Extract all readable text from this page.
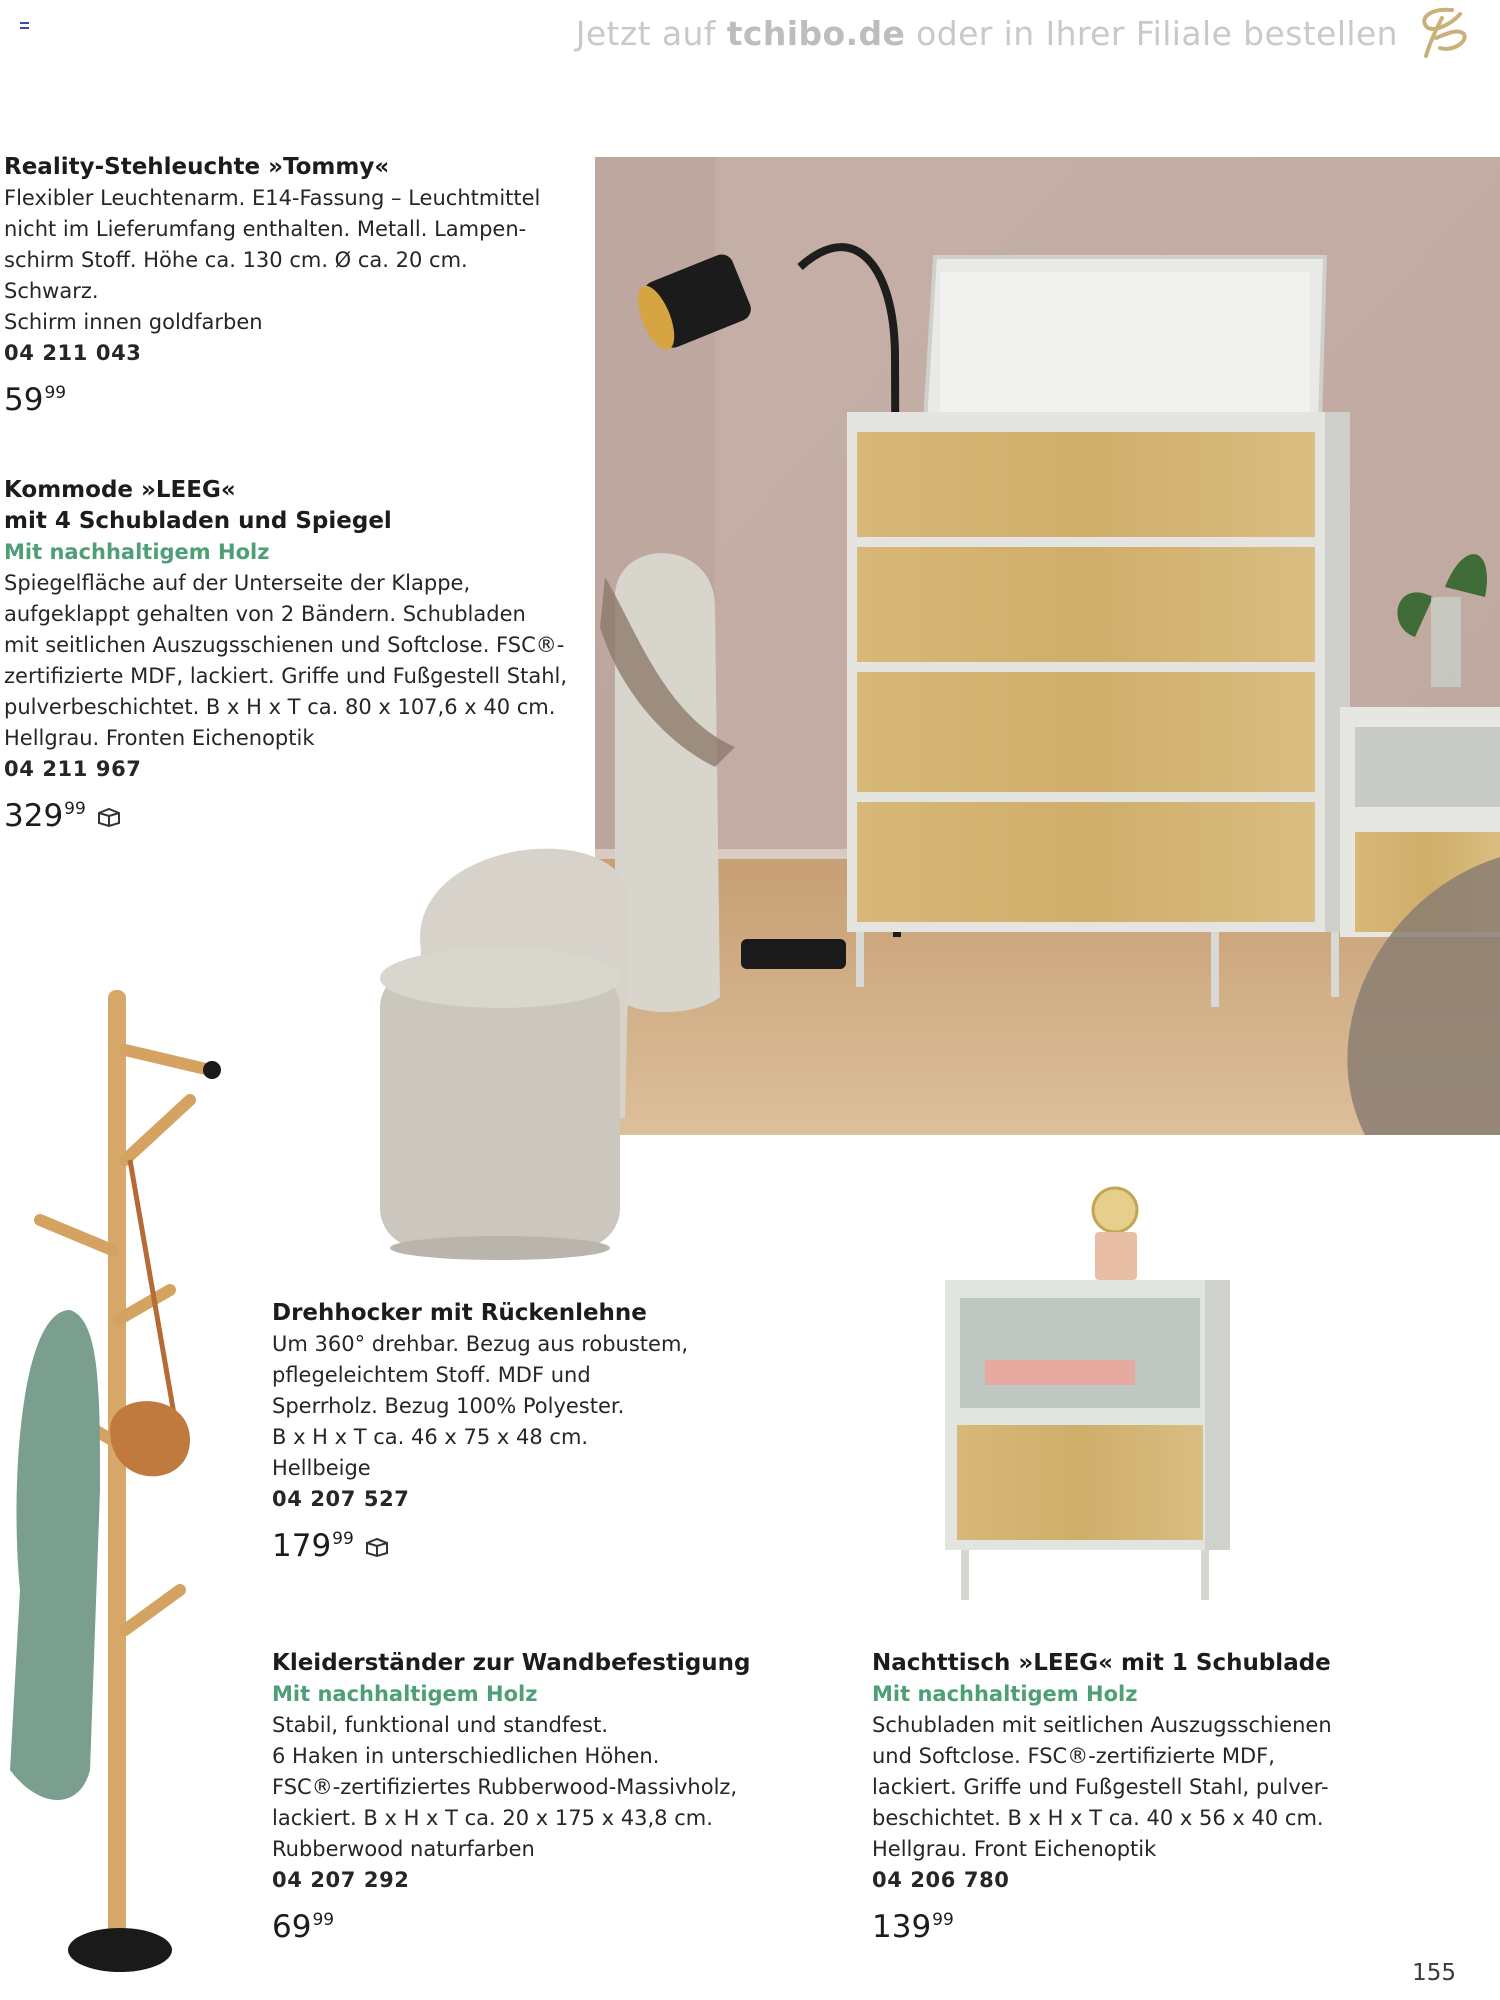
Jetzt auf tchibo.de oder in Ihrer Filiale bestellen
Reality-Stehleuchte »Tommy«
Flexibler Leuchtenarm. E14-Fassung – Leuchtmittel
nicht im Lieferumfang enthalten. Metall. Lampen-
schirm Stoff. Höhe ca. 130 cm. Ø ca. 20 cm. Schwarz.
Schirm innen goldfarben
04 211 043
$59^{99}$
Kommode »LEEG«
mit 4 Schubladen und Spiegel
Mit nachhaltigem Holz
Spiegelfläche auf der Unterseite der Klappe,
aufgeklappt gehalten von 2 Bändern. Schubladen
mit seitlichen Auszugsschienen und Softclose. FSC®-
zertifizierte MDF, lackiert. Griffe und Fußgestell Stahl,
pulverbeschichtet. B x H x T ca. 80 x 107,6 x 40 cm.
Hellgrau. Fronten Eichenoptik
04 211 967
$329^{99}$
Drehhocker mit Rückenlehne
Um 360° drehbar. Bezug aus robustem,
pflegeleichtem Stoff. MDF und
Sperrholz. Bezug 100% Polyester.
B x H x T ca. 46 x 75 x 48 cm. Hellbeige
04 207 527
$179^{99}$
Kleiderständer zur Wandbefestigung
Mit nachhaltigem Holz
Stabil, funktional und standfest.
6 Haken in unterschiedlichen Höhen.
FSC®-zertifiziertes Rubberwood-Massivholz,
lackiert. B x H x T ca. 20 x 175 x 43,8 cm.
Rubberwood naturfarben
04 207 292
$69^{99}$
Nachttisch »LEEG« mit 1 Schublade
Mit nachhaltigem Holz
Schubladen mit seitlichen Auszugsschienen
und Softclose. FSC®-zertifizierte MDF,
lackiert. Griffe und Fußgestell Stahl, pulver-
beschichtet. B x H x T ca. 40 x 56 x 40 cm.
Hellgrau. Front Eichenoptik
04 206 780
$139^{99}$
155
